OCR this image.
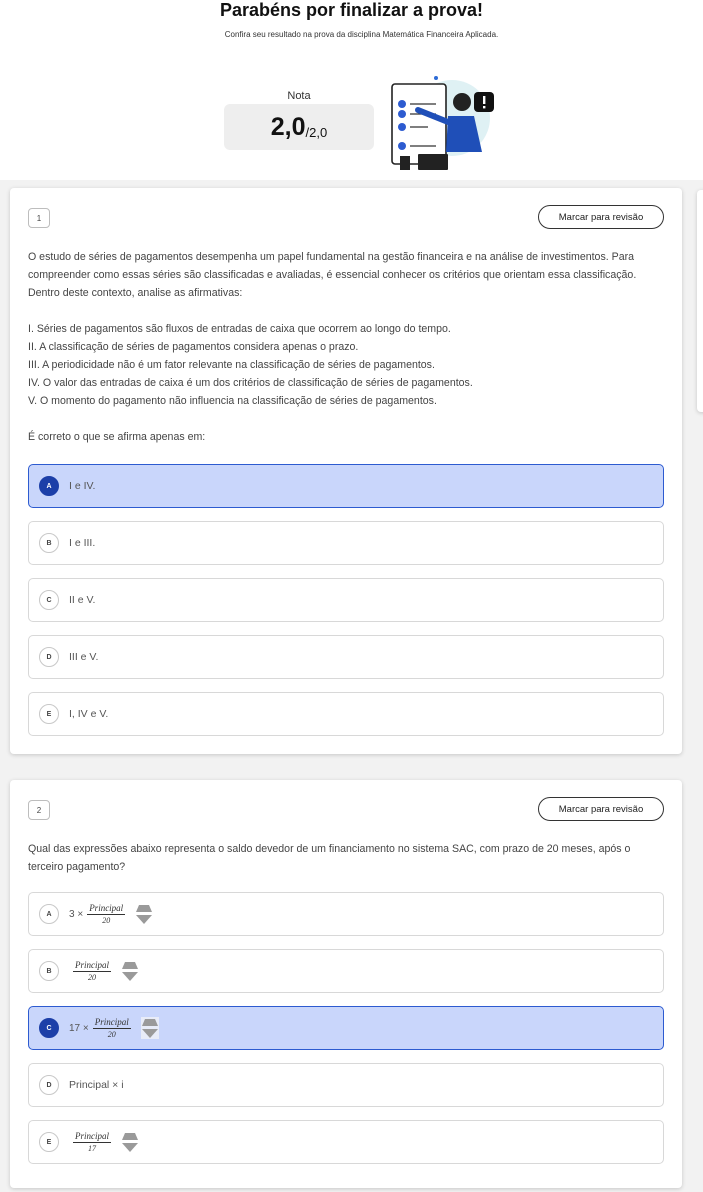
Parabéns por finalizar a prova!
Confira seu resultado na prova da disciplina Matemática Financeira Aplicada.
Nota
2,0 /2,0
1	Marcar para revisão
O estudo de séries de pagamentos desempenha um papel fundamental na gestão financeira e na análise de investimentos. Para compreender como essas séries são classificadas e avaliadas, é essencial conhecer os critérios que orientam essa classificação. Dentro deste contexto, analise as afirmativas:
I. Séries de pagamentos são fluxos de entradas de caixa que ocorrem ao longo do tempo.
II. A classificação de séries de pagamentos considera apenas o prazo.
III. A periodicidade não é um fator relevante na classificação de séries de pagamentos.
IV. O valor das entradas de caixa é um dos critérios de classificação de séries de pagamentos.
V. O momento do pagamento não influencia na classificação de séries de pagamentos.
É correto o que se afirma apenas em:
A	I e IV.
B	I e III.
C	II e V.
D	III e V.
E	I, IV e V.
2	Marcar para revisão
Qual das expressões abaixo representa o saldo devedor de um financiamento no sistema SAC, com prazo de 20 meses, após o terceiro pagamento?
A	$3 \times \frac{\text{Principal}}{20}$
B	$\frac{\text{Principal}}{20}$
C	$17 \times \frac{\text{Principal}}{20}$
D	Principal × i
E	$\frac{\text{Principal}}{17}$
